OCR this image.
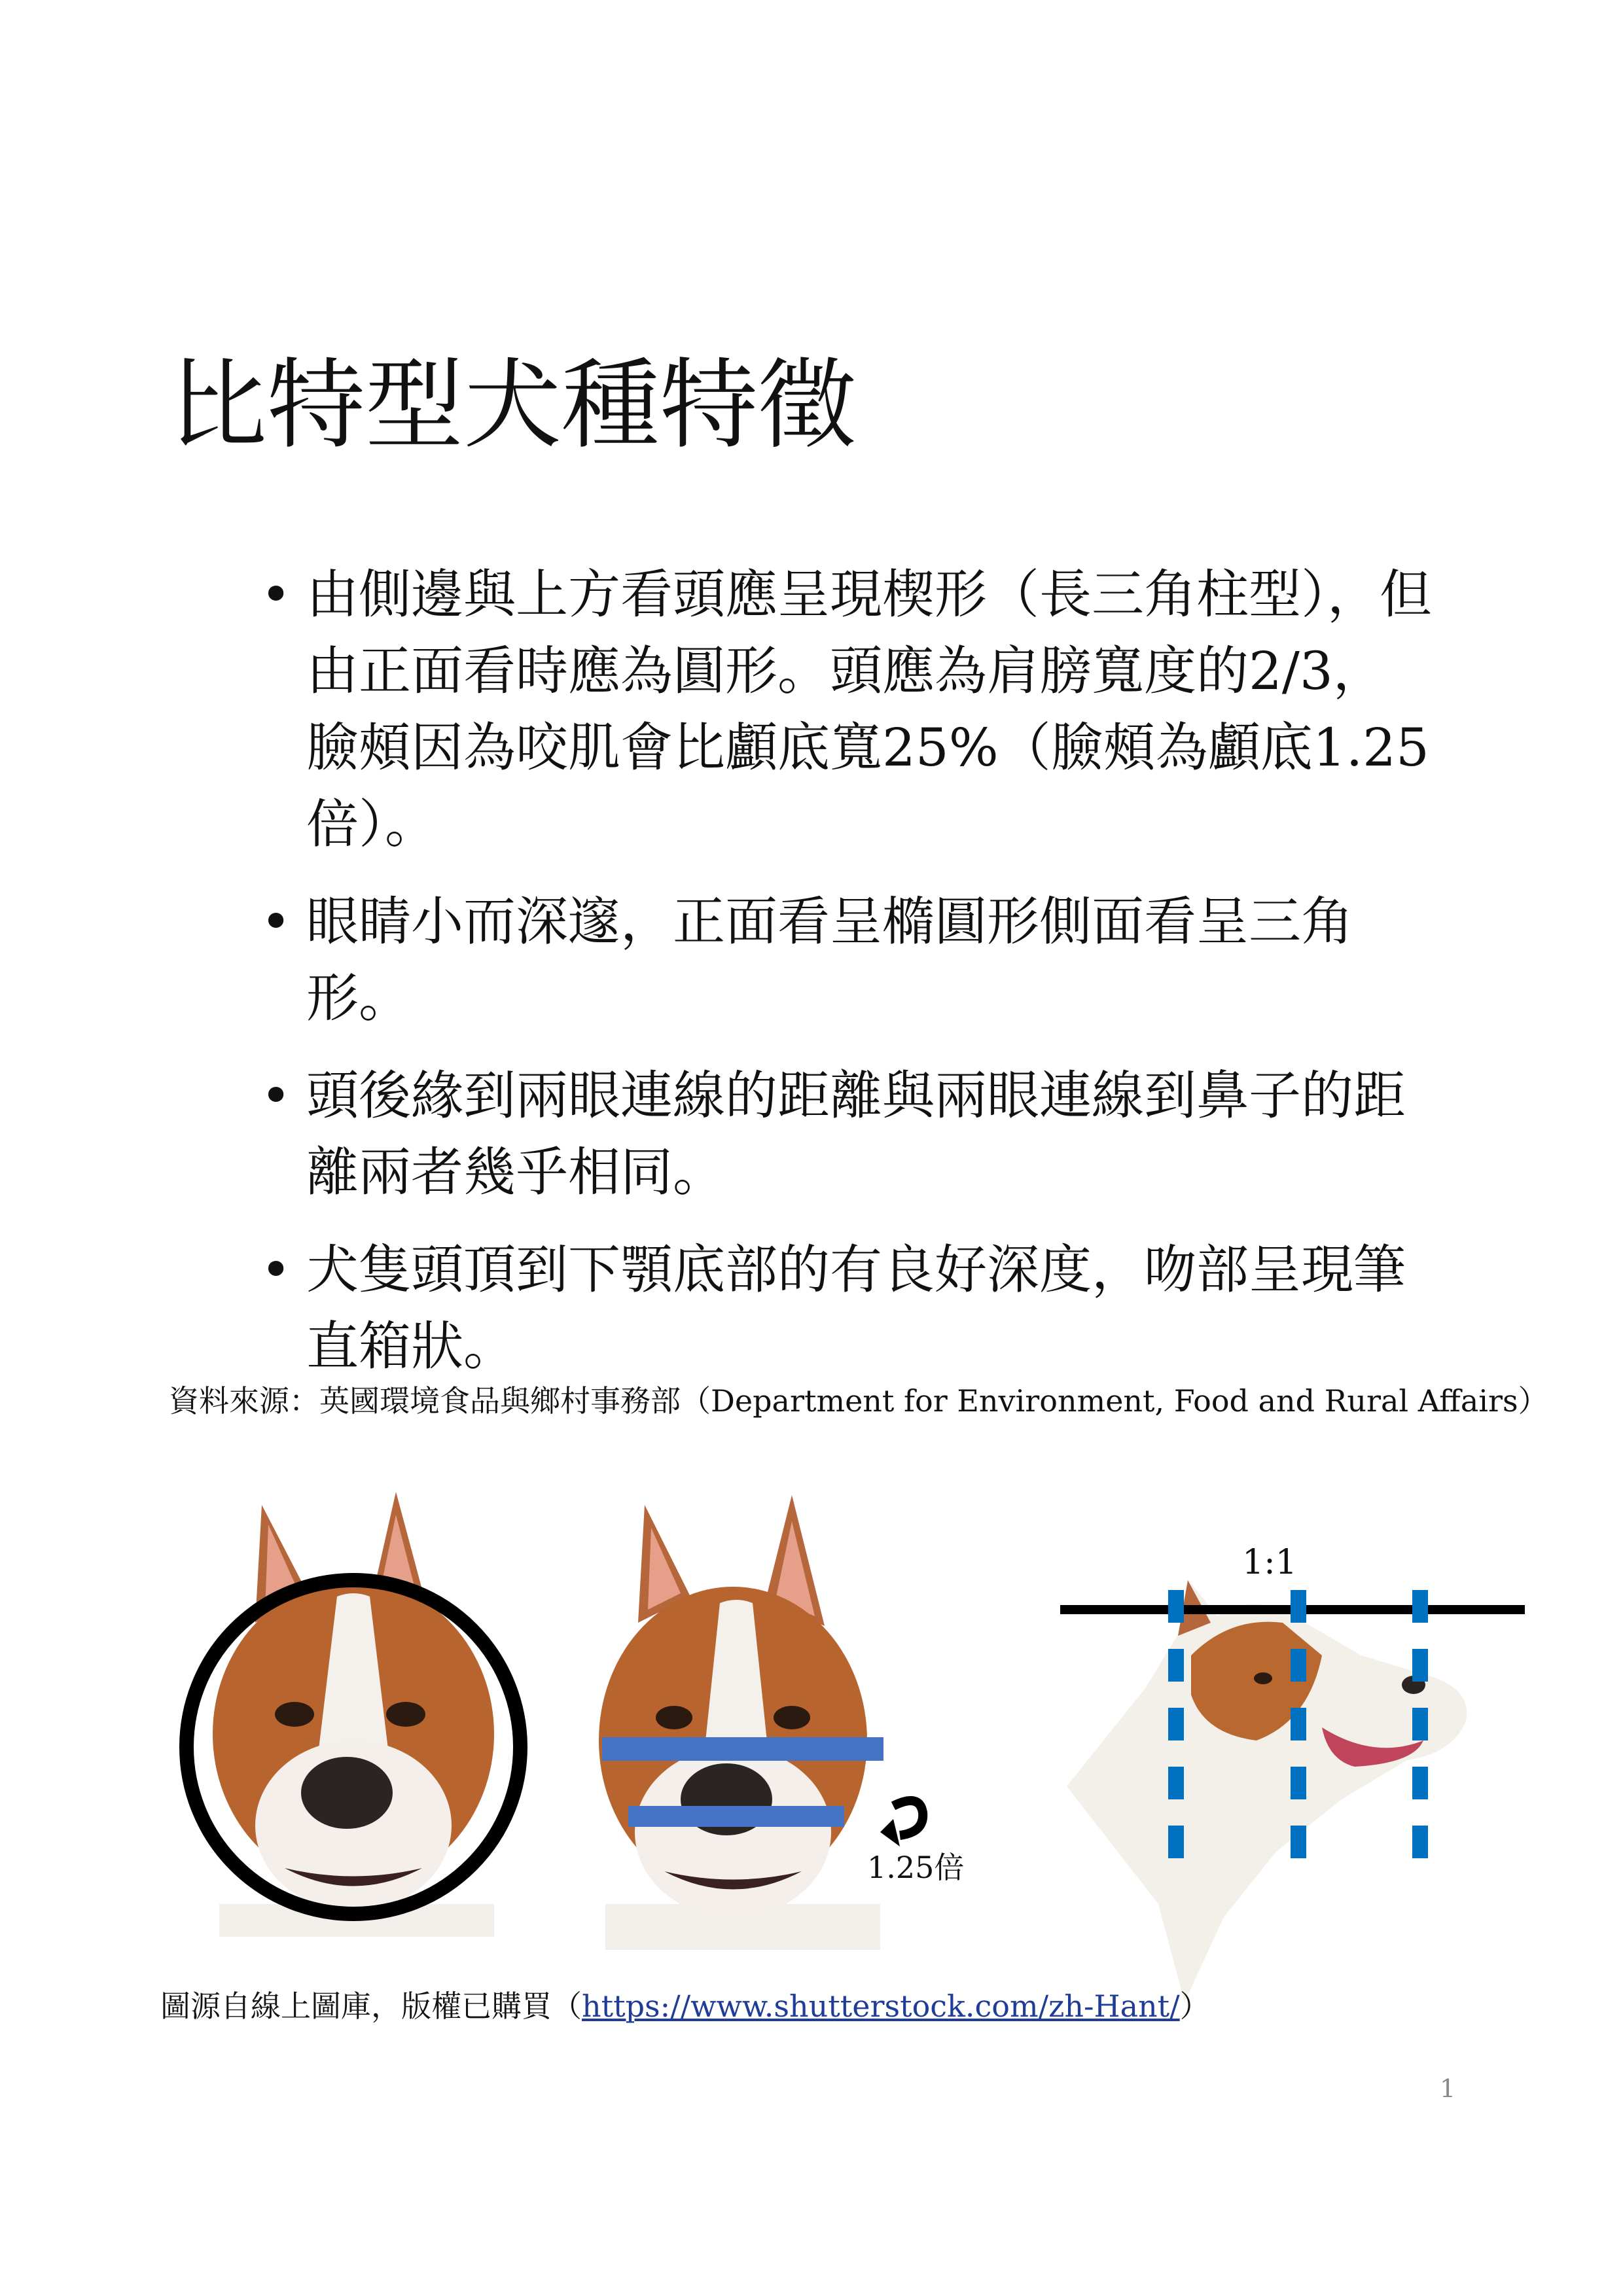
比特型犬種特徵
• 由側邊與上方看頭應呈現楔形（長三角柱型），但由正面看時應為圓形。頭應為肩膀寬度的2/3，臉頰因為咬肌會比顱底寬25%（臉頰為顱底1.25倍）。
• 眼睛小而深邃，正面看呈橢圓形側面看呈三角形。
• 頭後緣到兩眼連線的距離與兩眼連線到鼻子的距離兩者幾乎相同。
• 犬隻頭頂到下顎底部的有良好深度，吻部呈現筆直箱狀。
資料來源：英國環境食品與鄉村事務部（Department for Environment, Food and Rural Affairs）
1.25倍
1:1
圖源自線上圖庫，版權已購買（https://www.shutterstock.com/zh-Hant/）
1
